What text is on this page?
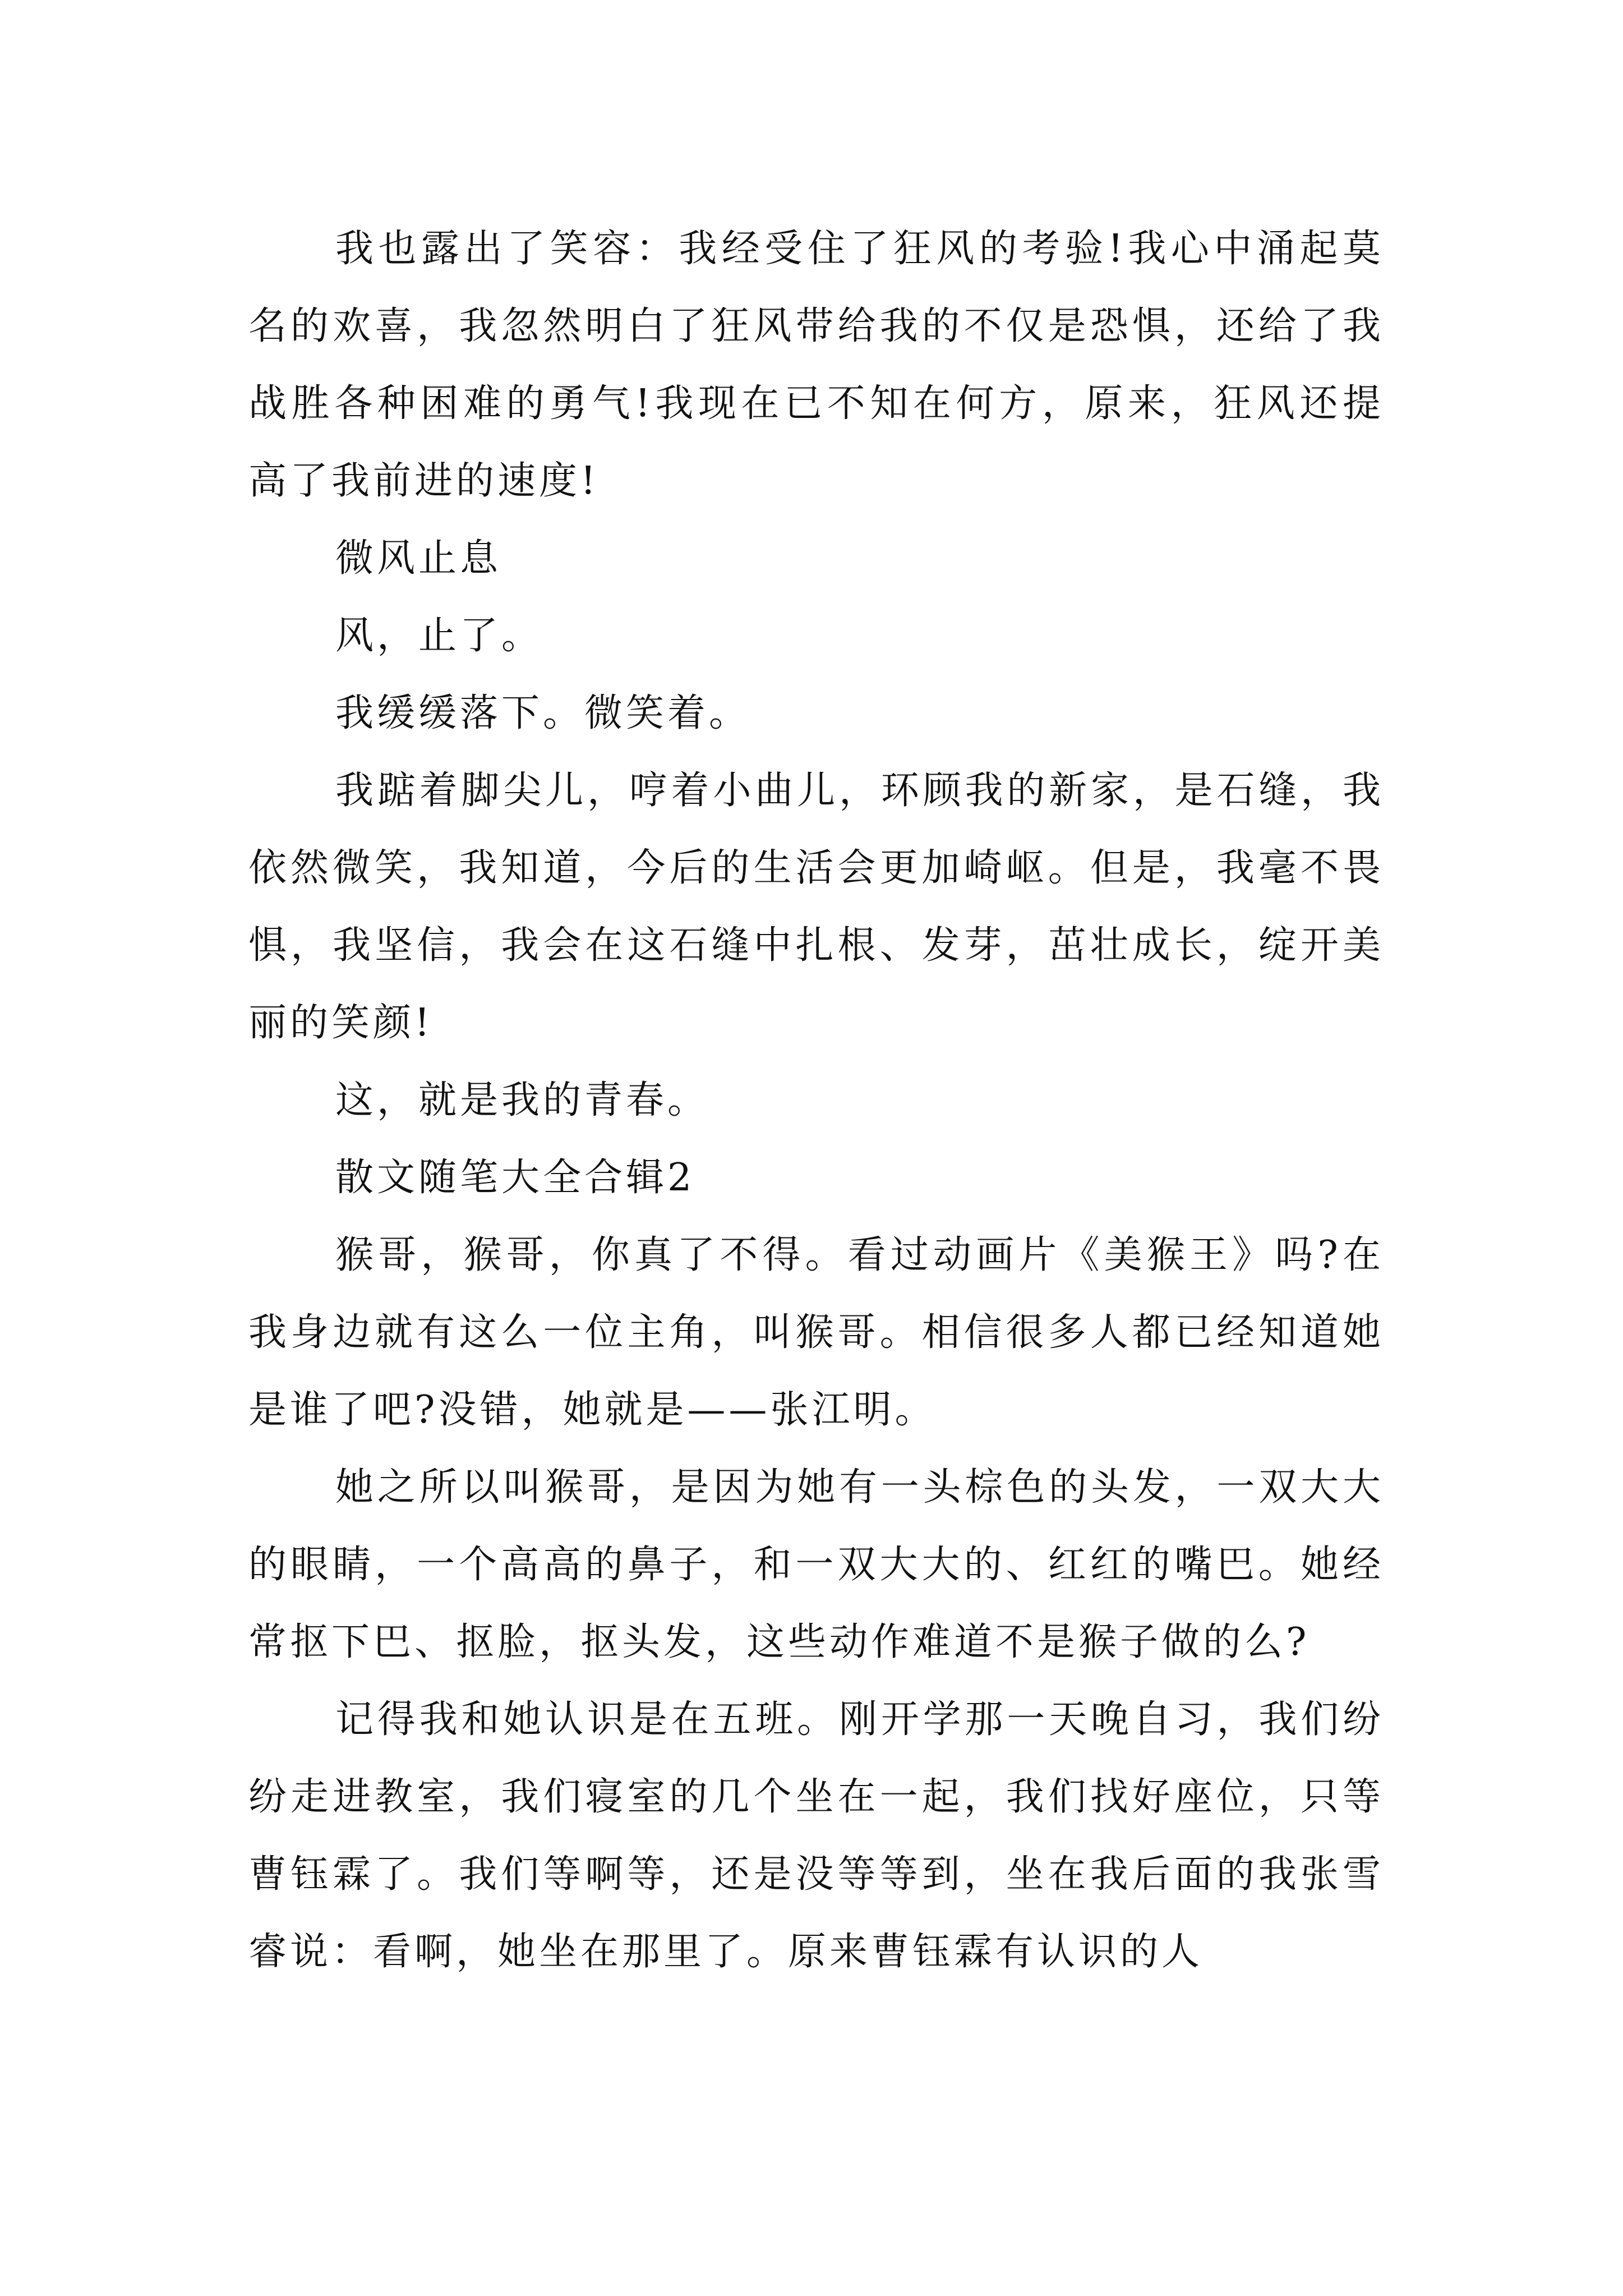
我也露出了笑容：我经受住了狂风的考验!我心中涌起莫名的欢喜，我忽然明白了狂风带给我的不仅是恐惧，还给了我战胜各种困难的勇气!我现在已不知在何方，原来，狂风还提高了我前进的速度!

微风止息

风，止了。

我缓缓落下。微笑着。

我踮着脚尖儿，哼着小曲儿，环顾我的新家，是石缝，我依然微笑，我知道，今后的生活会更加崎岖。但是，我毫不畏惧，我坚信，我会在这石缝中扎根、发芽，茁壮成长，绽开美丽的笑颜!

这，就是我的青春。

散文随笔大全合辑2

猴哥，猴哥，你真了不得。看过动画片《美猴王》吗?在我身边就有这么一位主角，叫猴哥。相信很多人都已经知道她是谁了吧?没错，她就是——张江明。

她之所以叫猴哥，是因为她有一头棕色的头发，一双大大的眼睛，一个高高的鼻子，和一双大大的、红红的嘴巴。她经常抠下巴、抠脸，抠头发，这些动作难道不是猴子做的么?

记得我和她认识是在五班。刚开学那一天晚自习，我们纷纷走进教室，我们寝室的几个坐在一起，我们找好座位，只等曹钰霖了。我们等啊等，还是没等等到，坐在我后面的我张雪睿说：看啊，她坐在那里了。原来曹钰霖有认识的人
